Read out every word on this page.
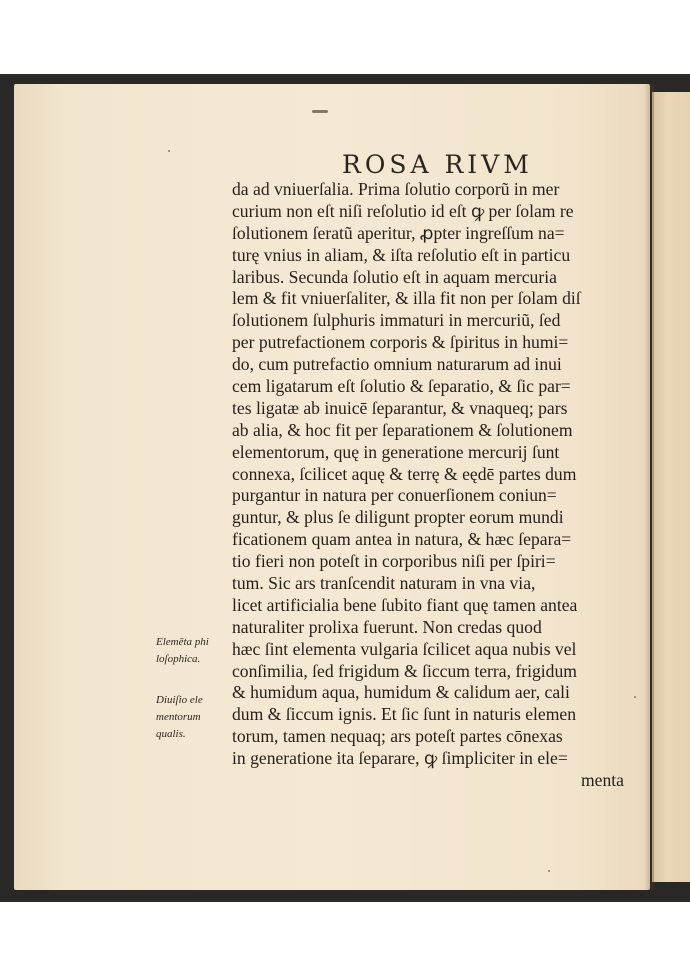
ROSA RIVM
da ad vniuerſalia. Prima ſolutio corporũ in mer
curium non eſt niſi reſolutio id eſt ꝙ per ſolam re
ſolutionem ſeratũ aperitur, ꝓpter ingreſſum na=
turę vnius in aliam, & iſta reſolutio eſt in particu
laribus. Secunda ſolutio eſt in aquam mercuria
lem & fit vniuerſaliter, & illa fit non per ſolam diſ
ſolutionem ſulphuris immaturi in mercuriũ, ſed
per putrefactionem corporis & ſpiritus in humi=
do, cum putrefactio omnium naturarum ad inui
cem ligatarum eſt ſolutio & ſeparatio, & ſic par=
tes ligatæ ab inuicē ſeparantur, & vnaqueq; pars
ab alia, & hoc fit per ſeparationem & ſolutionem
elementorum, quę in generatione mercurij ſunt
connexa, ſcilicet aquę & terrę & eędē partes dum
purgantur in natura per conuerſionem coniun=
guntur, & plus ſe diligunt propter eorum mundi
ficationem quam antea in natura, & hæc ſepara=
tio fieri non poteſt in corporibus niſi per ſpiri=
tum. Sic ars tranſcendit naturam in vna via,
licet artificialia bene ſubito fiant quę tamen antea
naturaliter prolixa fuerunt. Non credas quod
hæc ſint elementa vulgaria ſcilicet aqua nubis vel
conſimilia, ſed frigidum & ſiccum terra, frigidum
& humidum aqua, humidum & calidum aer, cali
dum & ſiccum ignis. Et ſic ſunt in naturis elemen
torum, tamen nequaq; ars poteſt partes cōnexas
in generatione ita ſeparare, ꝙ ſimpliciter in ele=
menta
Elemēta phi
loſophica.
Diuiſio ele
mentorum
qualis.
